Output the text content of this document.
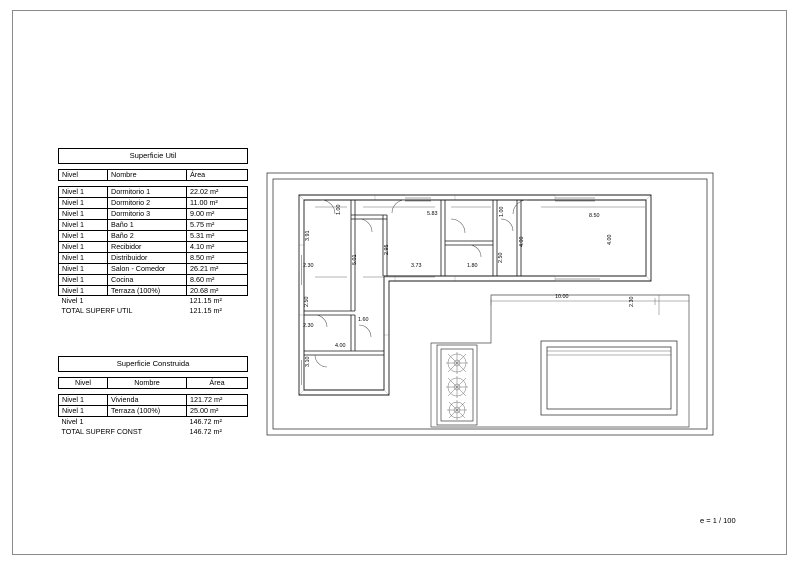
Superficie Util		

Nivel	Nombre	Área

Nivel 1	Dormitorio 1	22.02 m²
Nivel 1	Dormitorio 2	11.00 m²
Nivel 1	Dormitorio 3	9.00 m²
Nivel 1	Baño 1	5.75 m²
Nivel 1	Baño 2	5.31 m²
Nivel 1	Recibidor	4.10 m²
Nivel 1	Distribuidor	8.50 m²
Nivel 1	Salon - Comedor	26.21 m²
Nivel 1	Cocina	8.60 m²
Nivel 1	Terraza (100%)	20.68 m²
Nivel 1		121.15 m²
TOTAL SUPERF UTIL		121.15 m²
Superficie Construida		

Nivel	Nombre	Área

Nivel 1	Vivienda	121.72 m²
Nivel 1	Terraza (100%)	25.00 m²
Nivel 1		146.72 m²
TOTAL SUPERF CONST		146.72 m²
3.91
2.30
1.00	5.83	1.00
2.95
3.73	1.80
2.50
4.00
8.50
4.00
5.01
2.50
2.30
1.60
3.10
4.00
10.00	2.30
e = 1 / 100
